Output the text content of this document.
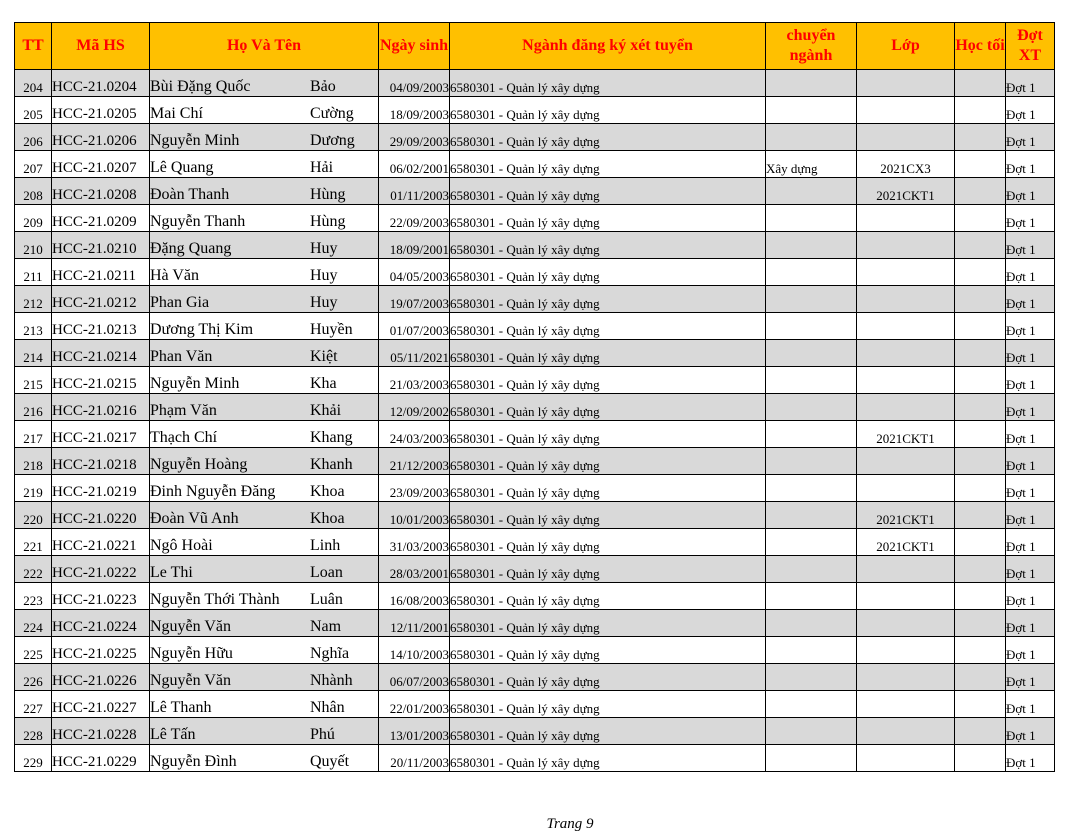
TT	Mã HS	Họ Và Tên	Ngày sinh	Ngành đăng ký xét tuyển	chuyển ngành	Lớp	Học tối	Đợt XT
204	HCC-21.0204	Bùi Đặng Quốc Bảo	04/09/2003	6580301 - Quản lý xây dựng				Đợt 1
205	HCC-21.0205	Mai Chí Cường	18/09/2003	6580301 - Quản lý xây dựng				Đợt 1
206	HCC-21.0206	Nguyễn Minh Dương	29/09/2003	6580301 - Quản lý xây dựng				Đợt 1
207	HCC-21.0207	Lê Quang Hải	06/02/2001	6580301 - Quản lý xây dựng	Xây dựng	2021CX3		Đợt 1
208	HCC-21.0208	Đoàn Thanh Hùng	01/11/2003	6580301 - Quản lý xây dựng		2021CKT1		Đợt 1
209	HCC-21.0209	Nguyễn Thanh Hùng	22/09/2003	6580301 - Quản lý xây dựng				Đợt 1
210	HCC-21.0210	Đặng Quang Huy	18/09/2001	6580301 - Quản lý xây dựng				Đợt 1
211	HCC-21.0211	Hà Văn Huy	04/05/2003	6580301 - Quản lý xây dựng				Đợt 1
212	HCC-21.0212	Phan Gia Huy	19/07/2003	6580301 - Quản lý xây dựng				Đợt 1
213	HCC-21.0213	Dương Thị Kim Huyền	01/07/2003	6580301 - Quản lý xây dựng				Đợt 1
214	HCC-21.0214	Phan Văn Kiệt	05/11/2021	6580301 - Quản lý xây dựng				Đợt 1
215	HCC-21.0215	Nguyễn Minh Kha	21/03/2003	6580301 - Quản lý xây dựng				Đợt 1
216	HCC-21.0216	Phạm Văn Khải	12/09/2002	6580301 - Quản lý xây dựng				Đợt 1
217	HCC-21.0217	Thạch Chí Khang	24/03/2003	6580301 - Quản lý xây dựng		2021CKT1		Đợt 1
218	HCC-21.0218	Nguyễn Hoàng Khanh	21/12/2003	6580301 - Quản lý xây dựng				Đợt 1
219	HCC-21.0219	Đinh Nguyễn Đăng Khoa	23/09/2003	6580301 - Quản lý xây dựng				Đợt 1
220	HCC-21.0220	Đoàn Vũ Anh Khoa	10/01/2003	6580301 - Quản lý xây dựng		2021CKT1		Đợt 1
221	HCC-21.0221	Ngô Hoài Linh	31/03/2003	6580301 - Quản lý xây dựng		2021CKT1		Đợt 1
222	HCC-21.0222	Le Thi Loan	28/03/2001	6580301 - Quản lý xây dựng				Đợt 1
223	HCC-21.0223	Nguyễn Thới Thành Luân	16/08/2003	6580301 - Quản lý xây dựng				Đợt 1
224	HCC-21.0224	Nguyễn Văn Nam	12/11/2001	6580301 - Quản lý xây dựng				Đợt 1
225	HCC-21.0225	Nguyễn Hữu Nghĩa	14/10/2003	6580301 - Quản lý xây dựng				Đợt 1
226	HCC-21.0226	Nguyễn Văn Nhành	06/07/2003	6580301 - Quản lý xây dựng				Đợt 1
227	HCC-21.0227	Lê Thanh Nhân	22/01/2003	6580301 - Quản lý xây dựng				Đợt 1
228	HCC-21.0228	Lê Tấn Phú	13/01/2003	6580301 - Quản lý xây dựng				Đợt 1
229	HCC-21.0229	Nguyễn Đình Quyết	20/11/2003	6580301 - Quản lý xây dựng				Đợt 1
Trang 9
